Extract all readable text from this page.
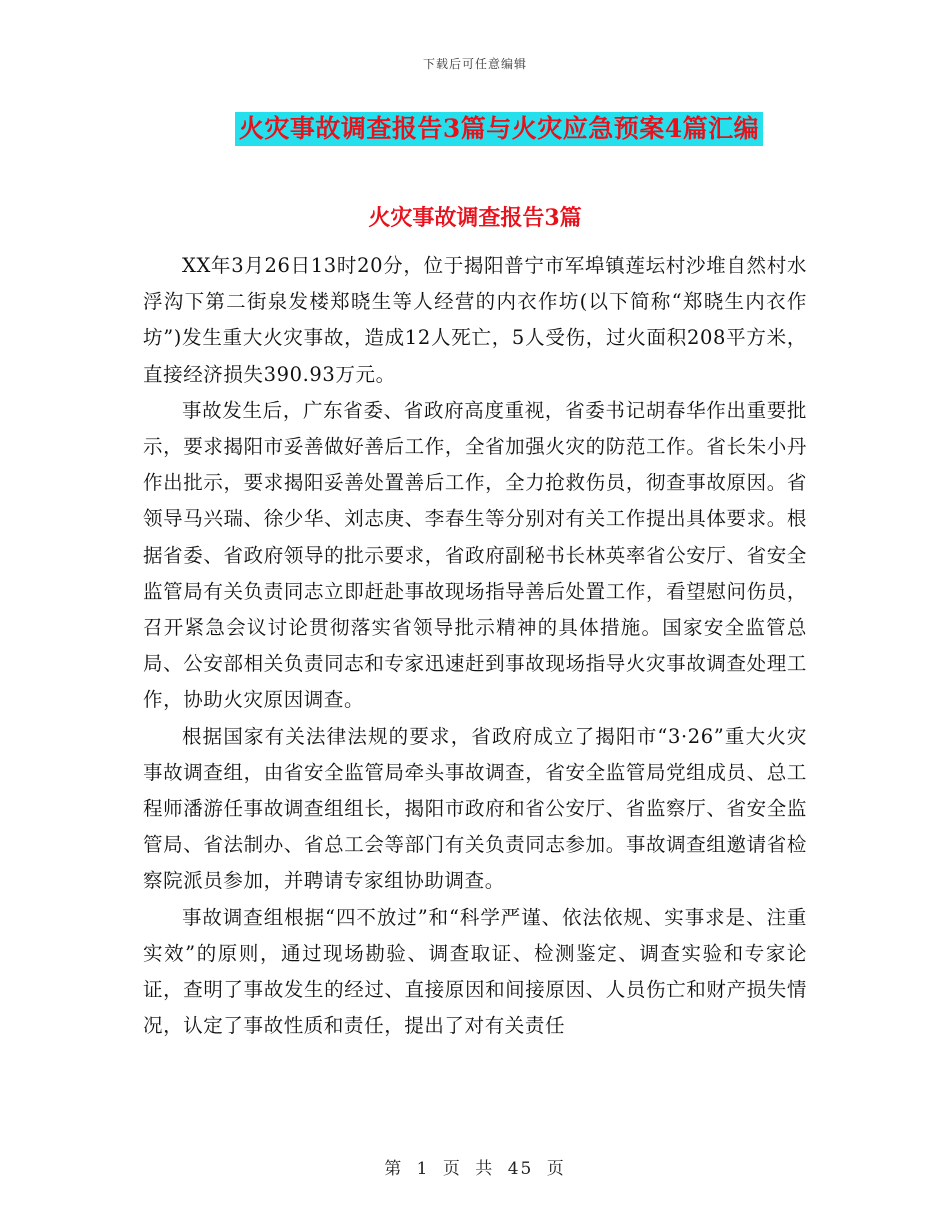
下载后可任意编辑
火灾事故调查报告3篇与火灾应急预案4篇汇编
火灾事故调查报告3篇

XX年3月26日13时20分，位于揭阳普宁市军埠镇莲坛村沙堆自然村水浮沟下第二街泉发楼郑晓生等人经营的内衣作坊(以下简称“郑晓生内衣作坊”)发生重大火灾事故，造成12人死亡，5人受伤，过火面积208平方米，直接经济损失390.93万元。

事故发生后，广东省委、省政府高度重视，省委书记胡春华作出重要批示，要求揭阳市妥善做好善后工作，全省加强火灾的防范工作。省长朱小丹作出批示，要求揭阳妥善处置善后工作，全力抢救伤员，彻查事故原因。省领导马兴瑞、徐少华、刘志庚、李春生等分别对有关工作提出具体要求。根据省委、省政府领导的批示要求，省政府副秘书长林英率省公安厅、省安全监管局有关负责同志立即赶赴事故现场指导善后处置工作，看望慰问伤员，召开紧急会议讨论贯彻落实省领导批示精神的具体措施。国家安全监管总局、公安部相关负责同志和专家迅速赶到事故现场指导火灾事故调查处理工作，协助火灾原因调查。

根据国家有关法律法规的要求，省政府成立了揭阳市“3·26”重大火灾事故调查组，由省安全监管局牵头事故调查，省安全监管局党组成员、总工程师潘游任事故调查组组长，揭阳市政府和省公安厅、省监察厅、省安全监管局、省法制办、省总工会等部门有关负责同志参加。事故调查组邀请省检察院派员参加，并聘请专家组协助调查。

事故调查组根据“四不放过”和“科学严谨、依法依规、实事求是、注重实效”的原则，通过现场勘验、调查取证、检测鉴定、调查实验和专家论证，查明了事故发生的经过、直接原因和间接原因、人员伤亡和财产损失情况，认定了事故性质和责任，提出了对有关责任

第 1 页 共 45 页
